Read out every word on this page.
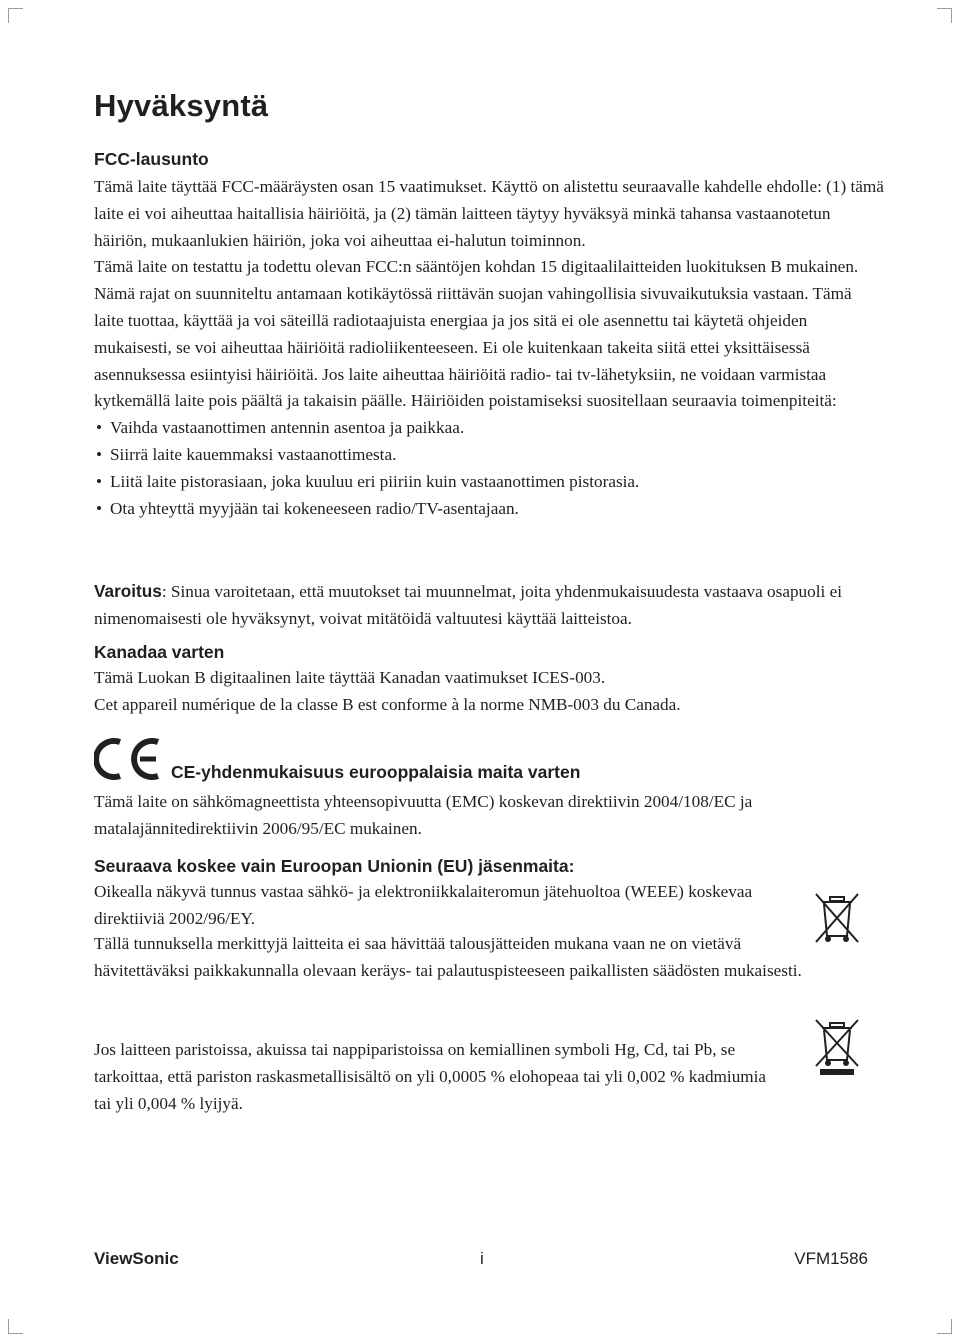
Hyväksyntä
FCC-lausunto

Tämä laite täyttää FCC-määräysten osan 15 vaatimukset. Käyttö on alistettu seuraavalle kahdelle ehdolle: (1) tämä laite ei voi aiheuttaa haitallisia häiriöitä, ja (2) tämän laitteen täytyy hyväksyä minkä tahansa vastaanotetun häiriön, mukaanlukien häiriön, joka voi aiheuttaa ei-halutun toiminnon.

Tämä laite on testattu ja todettu olevan FCC:n sääntöjen kohdan 15 digitaalilaitteiden luokituksen B mukainen. Nämä rajat on suunniteltu antamaan kotikäytössä riittävän suojan vahingollisia sivuvaikutuksia vastaan. Tämä laite tuottaa, käyttää ja voi säteillä radiotaajuista energiaa ja jos sitä ei ole asennettu tai käytetä ohjeiden mukaisesti, se voi aiheuttaa häiriöitä radioliikenteeseen. Ei ole kuitenkaan takeita siitä ettei yksittäisessä asennuksessa esiintyisi häiriöitä. Jos laite aiheuttaa häiriöitä radio- tai tv-lähetyksiin, ne voidaan varmistaa kytkemällä laite pois päältä ja takaisin päälle. Häiriöiden poistamiseksi suositellaan seuraavia toimenpiteitä:

• Vaihda vastaanottimen antennin asentoa ja paikkaa.
• Siirrä laite kauemmaksi vastaanottimesta.
• Liitä laite pistorasiaan, joka kuuluu eri piiriin kuin vastaanottimen pistorasia.
• Ota yhteyttä myyjään tai kokeneeseen radio/TV-asentajaan.

Varoitus: Sinua varoitetaan, että muutokset tai muunnelmat, joita yhdenmukaisuudesta vastaava osapuoli ei nimenomaisesti ole hyväksynyt, voivat mitätöidä valtuutesi käyttää laitteistoa.

Kanadaa varten

Tämä Luokan B digitaalinen laite täyttää Kanadan vaatimukset ICES-003.

Cet appareil numérique de la classe B est conforme à la norme NMB-003 du Canada.

CE-yhdenmukaisuus eurooppalaisia maita varten

Tämä laite on sähkömagneettista yhteensopivuutta (EMC) koskevan direktiivin 2004/108/EC ja matalajännitedirektiivin 2006/95/EC mukainen.

Seuraava koskee vain Euroopan Unionin (EU) jäsenmaita:

Oikealla näkyvä tunnus vastaa sähkö- ja elektroniikkalaiteromun jätehuoltoa (WEEE) koskevaa direktiiviä 2002/96/EY.

Tällä tunnuksella merkittyjä laitteita ei saa hävittää talousjätteiden mukana vaan ne on vietävä hävitettäväksi paikkakunnalla olevaan keräys- tai palautuspisteeseen paikallisten säädösten mukaisesti.

Jos laitteen paristoissa, akuissa tai nappiparistoissa on kemiallinen symboli Hg, Cd, tai Pb, se tarkoittaa, että pariston raskasmetallisisältö on yli 0,0005 % elohopeaa tai yli 0,002 % kadmiumia tai yli 0,004 % lyijyä.

ViewSonic	i	VFM1586
